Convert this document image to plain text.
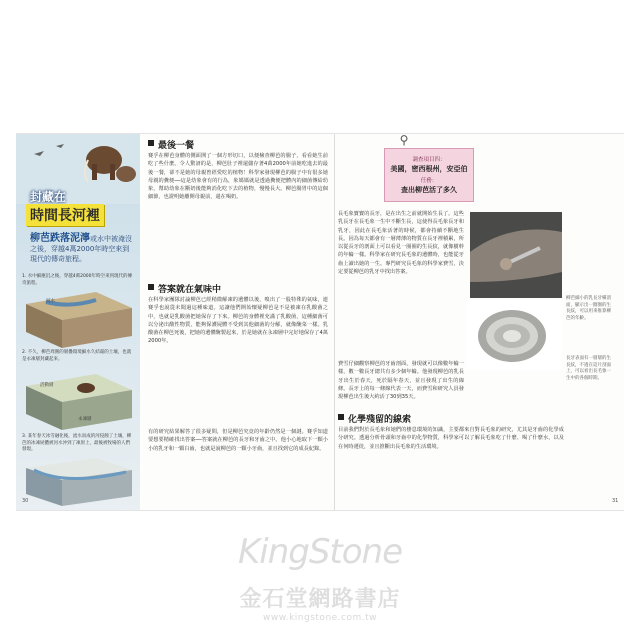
封藏在
時間長河裡
柳芭跌落泥濘或水中被淹沒之後，穿越4萬2000年時空來到現代的傳奇旅程。
1. 水中細塵沉之後，穿越4萬2000年時空來到現代的傳奇旅程。
河水
2. 不久，柳芭周圍的層疊環境細水久結霜的土壤，也就是永凍層封藏起來。
活動層
永凍層
3. 某年春天冰雪融化後，流水而成的河侵蝕了土壤，柳芭的冰凍屍體被河水沖到了凍原上，最後被牧場的人們發現。
最後一餐
賽孚在柳芭身體的側面開了一個方形切口，以便檢查柳芭的腸子，看看她生前吃了些什麼。令人驚訝的是，柳芭肚子裡還儲存著4萬2000年前她吃進去的最後一餐，卻不是她的母親曾經愛吃的植物！科學家發現柳芭的腸子中有很多她母親的糞便──這是幼象會有的行為，象媽媽就是透過糞便把體內的細菌傳給幼象，幫助幼象在斷奶後能夠消化吃下去的植物，慢慢長大。柳芭腸胃中的這個細節，也證明她離開母親前，還在喝奶。
答案就在氣味中
在科學家團隊討論柳芭已經稍微解凍的遺體以後，嗅出了一股特殊的氣味，連賽孚也說從未聞過這種味道。這讓他們開始懷疑柳芭是不是被凍在乳酸菌之中，也就是乳酸菌把她保存了下來。柳芭的身體裡充滿了乳酸菌，這種細菌可以分泌出酸性物質，能夠保護屍體不受到其他細菌的分解，就像醃菜一樣。乳酸菌在柳芭死後，把她的遺體醃製起來，於是她就在永凍層中完好地保存了4萬2000年。
有的研究結果解答了很多疑問，但是柳芭究竟的年齡仍然是一個謎。賽孚知道要想要精確找出答案──答案就在柳芭的長牙和牙齒之中。他小心地取下一顆小小的乳牙和一顆臼齒，也就是說柳芭的一顆小牙齒，並且找到它的成長紀錄。
30	31
⚲
調查項目四：
美國，密西根州，安亞伯
任務：
查出柳芭活了多久
長毛象寶寶的長牙，是在出生之前就開始生長了。這些乳長牙在長毛象一生中不斷生長，這使得長毛象長牙和乳牙，因此在長毛象活著的時候，都會持續不斷地生長。因為每天都會有一層薄薄的物質在長牙裡積累，所以從長牙的剖面上可以看見一圈圈的生長紋，就像樹幹的年輪一樣。科學家在研究長毛象的遺體時，也能從牙齒上讀出她的一生。專門研究長毛象的科學家費雪，決定要從柳芭的乳牙中找出答案。
費雪仔細觀察柳芭的牙齒剖面，發現就可以像數年輪一樣，數一數長牙總共有多少個年輪。他發現柳芭的乳長牙出生於春天，死於隔年春天，並且發現了出生的線條。長牙上的每一條線代表一天，而費雪和研究人員發現柳芭出生後大約活了30到35天。
柳芭細小的乳長牙橫剖面，顯示出一圈圈的生長紋，可以用來推算柳芭的年齡。
長牙表面有一層層的生長紋，不過在這片剖面上，可以看出長毛象一生中的各個時期。
化學殘留的線索
目前我們對於長毛象和她們的棲息環境的知識，主要都來自對長毛象的研究，尤其是牙齒的化學成分研究。透過分析骨頭和牙齒中的化學物質，科學家可以了解長毛象吃了什麼、喝了什麼水，以及在何時遷徙，並且推斷出長毛象的生活環境。
KingStone
金石堂網路書店
www.kingstone.com.tw
